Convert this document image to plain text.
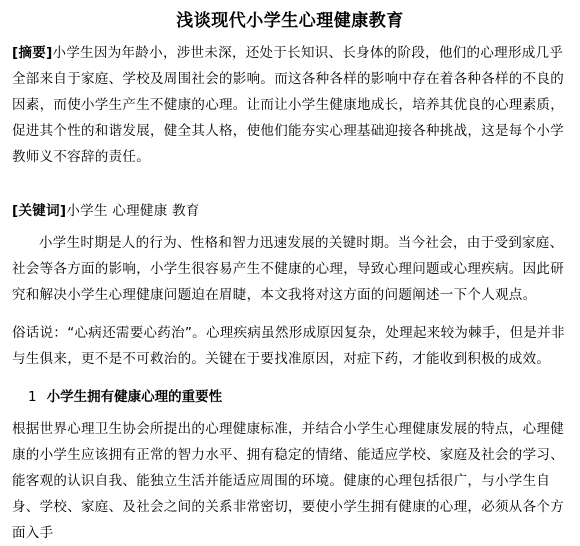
浅谈现代小学生心理健康教育
[摘要]小学生因为年龄小，涉世未深，还处于长知识、长身体的阶段，他们的心理形成几乎全部来自于家庭、学校及周围社会的影响。而这各种各样的影响中存在着各种各样的不良的因素，而使小学生产生不健康的心理。让而让小学生健康地成长，培养其优良的心理素质，促进其个性的和谐发展，健全其人格，使他们能夯实心理基础迎接各种挑战，这是每个小学教师义不容辞的责任。
[关键词]小学生 心理健康 教育
小学生时期是人的行为、性格和智力迅速发展的关键时期。当今社会，由于受到家庭、社会等各方面的影响，小学生很容易产生不健康的心理，导致心理问题或心理疾病。因此研究和解决小学生心理健康问题迫在眉睫，本文我将对这方面的问题阐述一下个人观点。
俗话说：“心病还需要心药治”。心理疾病虽然形成原因复杂，处理起来较为棘手，但是并非与生俱来，更不是不可救治的。关键在于要找准原因，对症下药，才能收到积极的成效。
1 小学生拥有健康心理的重要性
根据世界心理卫生协会所提出的心理健康标准，并结合小学生心理健康发展的特点，心理健康的小学生应该拥有正常的智力水平、拥有稳定的情绪、能适应学校、家庭及社会的学习、能客观的认识自我、能独立生活并能适应周围的环境。健康的心理包括很广，与小学生自身、学校、家庭、及社会之间的关系非常密切，要使小学生拥有健康的心理，必须从各个方面入手
